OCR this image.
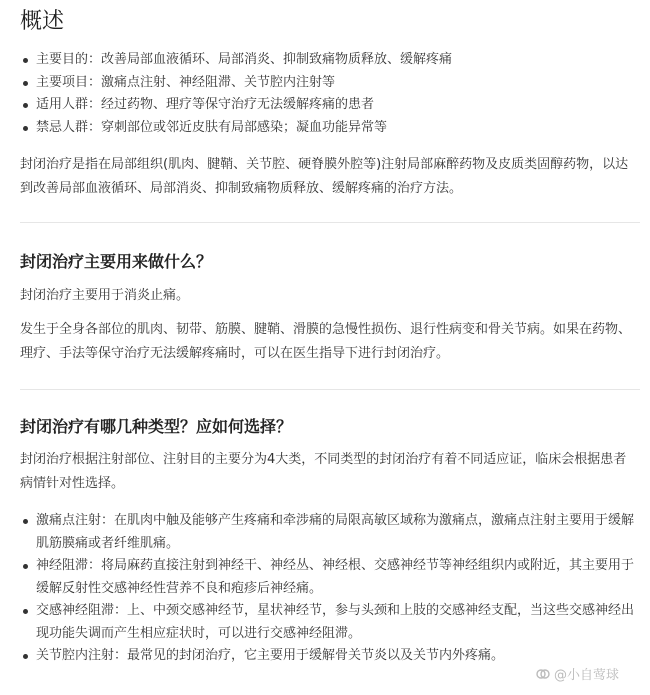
概述
主要目的：改善局部血液循环、局部消炎、抑制致痛物质释放、缓解疼痛
主要项目：激痛点注射、神经阻滞、关节腔内注射等
适用人群：经过药物、理疗等保守治疗无法缓解疼痛的患者
禁忌人群：穿刺部位或邻近皮肤有局部感染；凝血功能异常等

封闭治疗是指在局部组织(肌肉、腱鞘、关节腔、硬脊膜外腔等)注射局部麻醉药物及皮质类固醇药物，以达到改善局部血液循环、局部消炎、抑制致痛物质释放、缓解疼痛的治疗方法。

封闭治疗主要用来做什么？

封闭治疗主要用于消炎止痛。

发生于全身各部位的肌肉、韧带、筋膜、腱鞘、滑膜的急慢性损伤、退行性病变和骨关节病。如果在药物、理疗、手法等保守治疗无法缓解疼痛时，可以在医生指导下进行封闭治疗。

封闭治疗有哪几种类型？应如何选择？

封闭治疗根据注射部位、注射目的主要分为4大类，不同类型的封闭治疗有着不同适应证，临床会根据患者病情针对性选择。

激痛点注射：在肌肉中触及能够产生疼痛和牵涉痛的局限高敏区域称为激痛点，激痛点注射主要用于缓解肌筋膜痛或者纤维肌痛。
神经阻滞：将局麻药直接注射到神经干、神经丛、神经根、交感神经节等神经组织内或附近，其主要用于缓解反射性交感神经性营养不良和疱疹后神经痛。
交感神经阻滞：上、中颈交感神经节，星状神经节，参与头颈和上肢的交感神经支配，当这些交感神经出现功能失调而产生相应症状时，可以进行交感神经阻滞。
关节腔内注射：最常见的封闭治疗，它主要用于缓解骨关节炎以及关节内外疼痛。
@小自莺球
